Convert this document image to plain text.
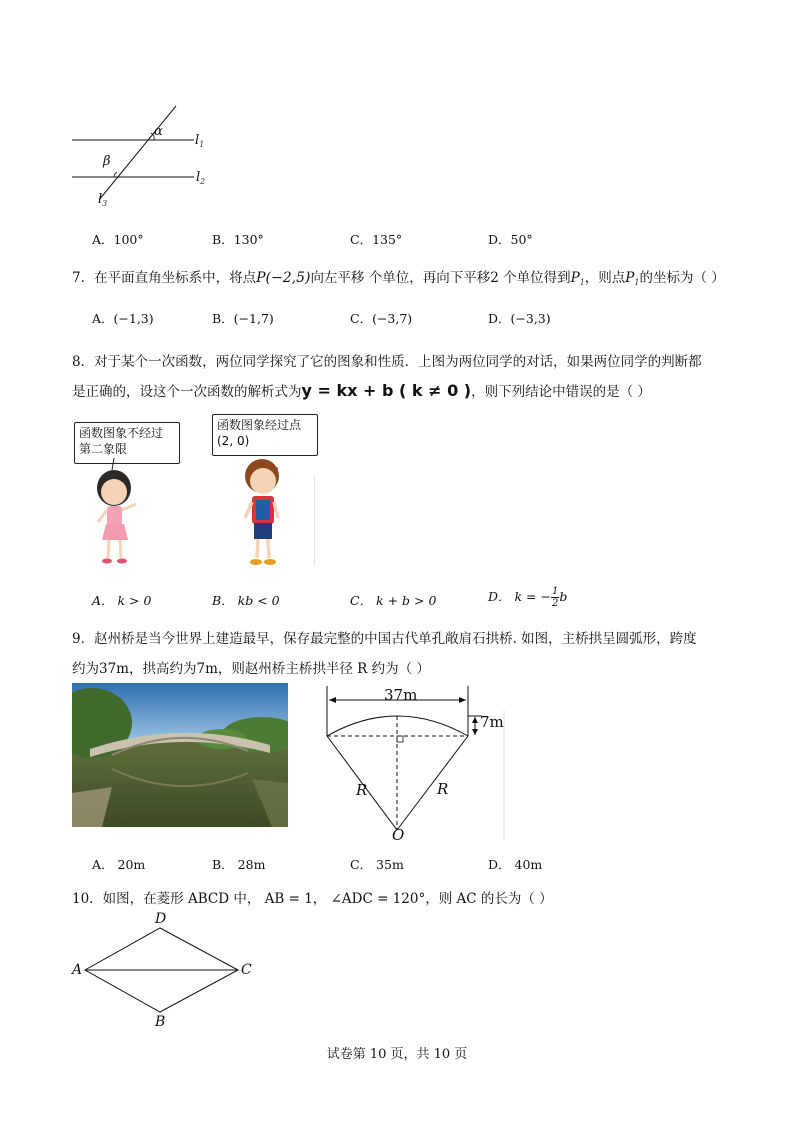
α
β
$l_1$
$l_2$
$l_3$
A．100°	B．130°	C．135°	D．50°
7．在平面直角坐标系中，将点P(−2,5)向左平移 个单位，再向下平移2 个单位得到$P_1$，则点$P_1$的坐标为（ ）
A．(−1,3)	B．(−1,7)	C．(−3,7)	D．(−3,3)
8．对于某个一次函数，两位同学探究了它的图象和性质．上图为两位同学的对话，如果两位同学的判断都
是正确的，设这个一次函数的解析式为y = kx + b ( k ≠ 0 )，则下列结论中错误的是（ ）
函数图象不经过
第二象限
函数图象经过点
(2, 0)
A． k > 0	B． kb < 0	C． k + b > 0	D． k = − $\frac{1}{2}$ b
9．赵州桥是当今世界上建造最早，保存最完整的中国古代单孔敞肩石拱桥. 如图，主桥拱呈圆弧形，跨度
约为37m，拱高约为7m，则赵州桥主桥拱半径 R 约为（ ）
37m
7m
R	R
O
A． 20m	B． 28m	C． 35m	D． 40m
10．如图，在菱形 ABCD 中， AB = 1， ∠ADC = 120°，则 AC 的长为（ ）
D
A	C
B
试卷第 10 页，共 10 页
